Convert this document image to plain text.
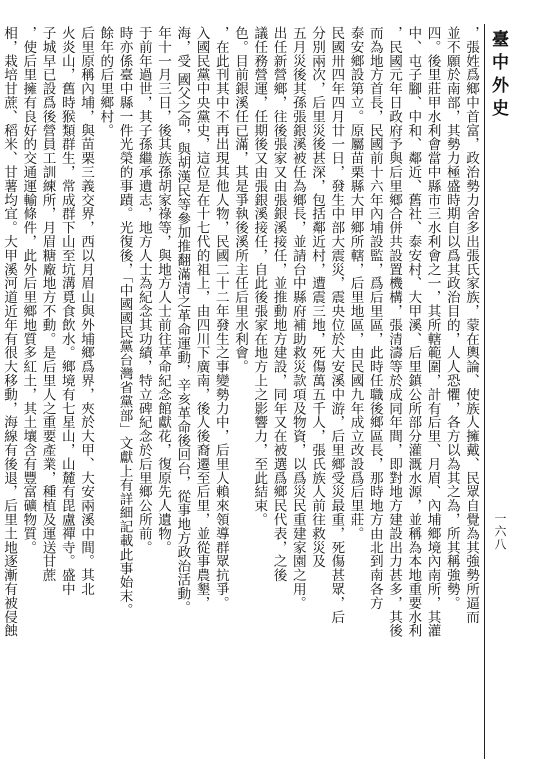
臺中外史
一六八
，張姓爲鄉中首富，政治勢力舍多出張氏家族，蒙在輿論、使族人擁戴、民眾自覺為其強勢所逼而
並不願於南部，其勢力極盛時期自以爲其政治目的，人人恐懼，各方以為其之為，所其稱強勢。
四。後里莊甲水利會當中縣市三水利會之一，其所轄範圍，計有后里、月眉、內埔鄉境內南所，其灌
中、屯子腳、中和、鄰近、舊社、泰安村、大甲溪、后里鎮公所部分灌溉水源，並稱為本地重要水利
，民國元年日政府予與后里鄉合併共設置機構，張清濤等於成同年間，即對地方建設出力甚多，其後
而為地方首長，民國前十六年內埔設監，爲后里區，此時任職後鄉區長，那時地方由北到南各方
泰安鄉設第立。原屬苗栗縣大甲鄉所轄，后里地區，由民國九年成立改設爲后里莊。
民國卅四年四月廿一日，發生中部大震災，震央位於大安溪中游，后里鄉受災最重，死傷甚眾，后
分別兩次，后里災後甚深，包括鄰近村，遭震三地，死傷萬五千人，張氏族人前往救災及
五月災後其孫張銀溪被任為鄉長，並請台中縣府補助救災款項及物資，以爲災民重建家園之用。
出任新營鄉，往後張家又由張銀溪接任，並推動地方建設，同年又在被選爲鄉民代表，之後
議任務營運，任期後又由張銀溪接任，自此後張家在地方上之影響力，至此結束。
色。目前銀溪任已滿，其是爭執後溪所主任后里水利會。
，在此刊其中不再出現其他人物，民國二十二年發生之事變勢力中，后里人賴來領導群眾抗爭。
入國民黨中央黨史，這位是在十七代的祖上，由四川下廣南，後人後裔遷至后里，並從事農墾，
海，受 國父之命，與胡漢民等參加推翻滿清之革命運動，辛亥革命後回台，從事地方政治活動。
年十一月三日，後其族孫胡家祿等，與地方人士前往革命紀念館獻花，復原先人遺物。
于前年過世，其子孫繼承遺志，地方人士為紀念其功績，特立碑紀念於后里鄉公所前。
時亦係臺中縣一件光榮的事蹟。光復後，「中國國民黨台灣省黨部」文獻上有詳細記載此事始末。
餘年的后里鄉村。
后里原稱內埔，與苗栗三義交界，西以月眉山與外埔鄉爲界，夾於大甲、大安兩溪中間。其北
火炎山，舊時猴類群生，常成群下山至坑溝覓食飲水。鄉境有七星山，山麓有毘盧禪寺。盛中
子城早已設爲後營員工訓練所，月眉糖廠地方不動。是后里人之重要產業，種植及運送甘蔗
，使后里擁有良好的交通運輸條件，此外后里鄉地質多紅土，其土壤含有豐富礦物質。
相，栽培甘蔗、稻米、甘薯均宜。大甲溪河道近年有很大移動，海線有後退，后里土地逐漸有被侵蝕
